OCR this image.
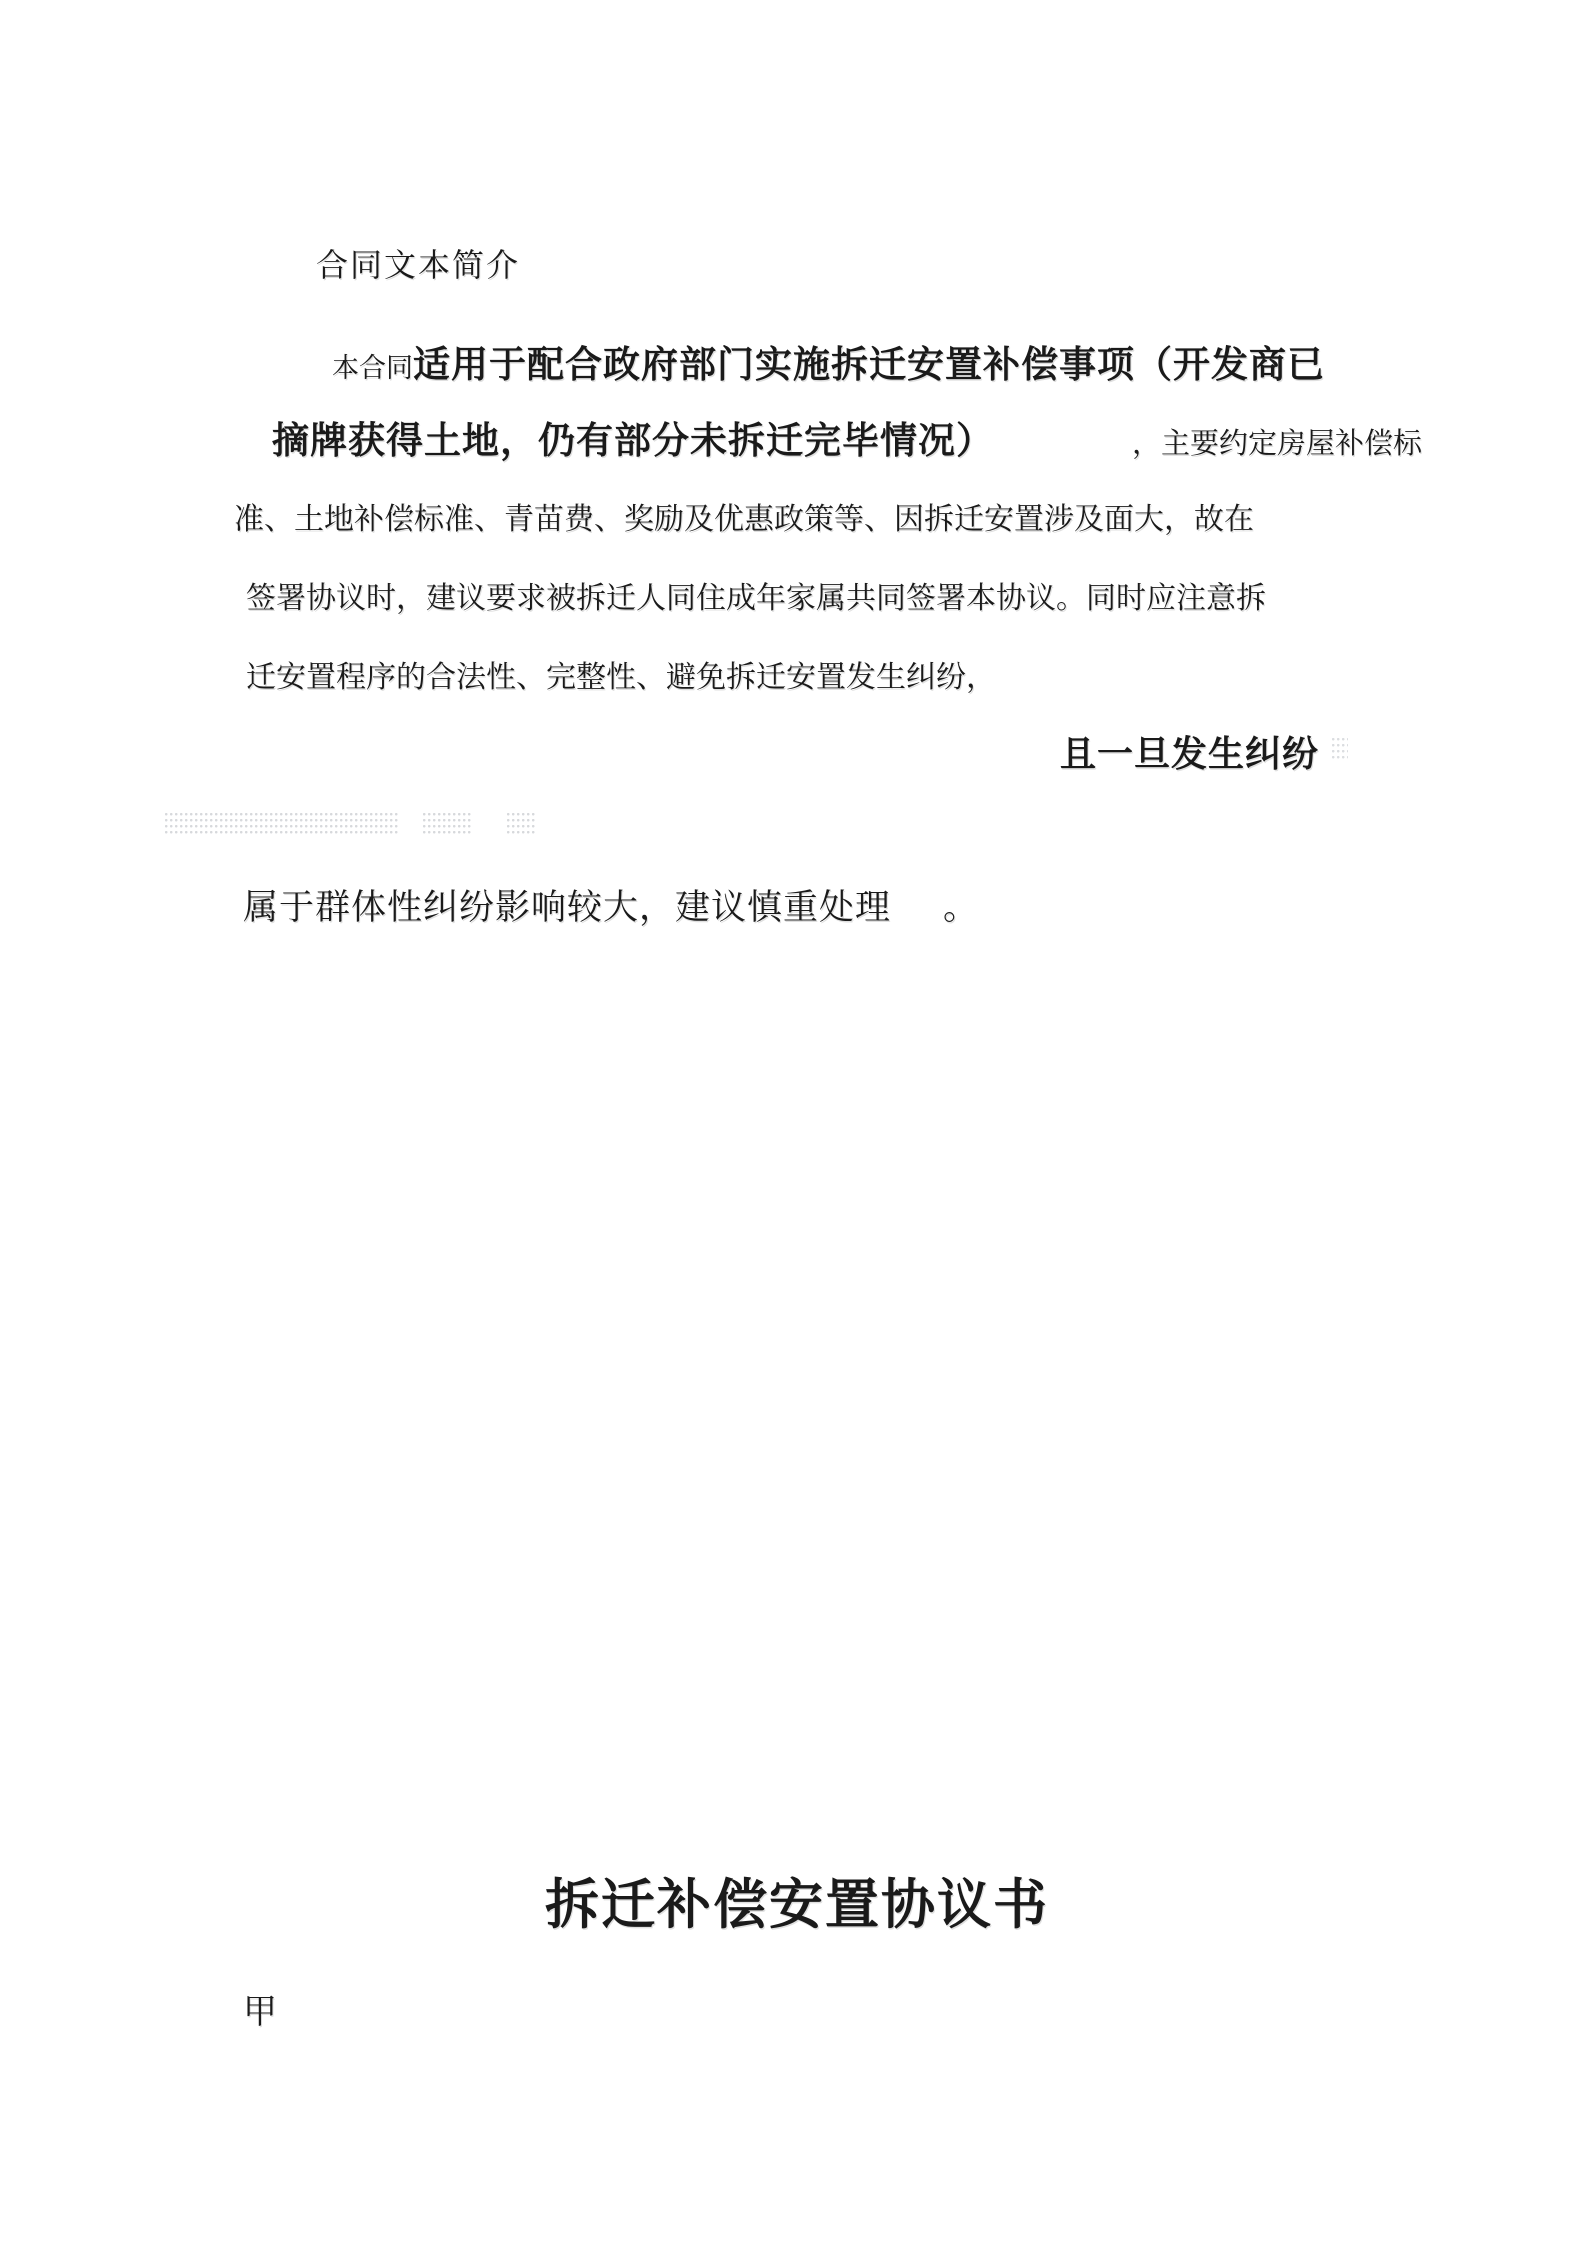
合同文本简介
本合同 适用于配合政府部门实施拆迁安置补偿事项（开发商已
摘牌获得土地，仍有部分未拆迁完毕情况）	，主要约定房屋补偿标
准、土地补偿标准、青苗费、奖励及优惠政策等、因拆迁安置涉及面大，故在
签署协议时，建议要求被拆迁人同住成年家属共同签署本协议。同时应注意拆
迁安置程序的合法性、完整性、避免拆迁安置发生纠纷，
且一旦发生纠纷
属于群体性纠纷影响较大，建议慎重处理 。
拆迁补偿安置协议书
甲
